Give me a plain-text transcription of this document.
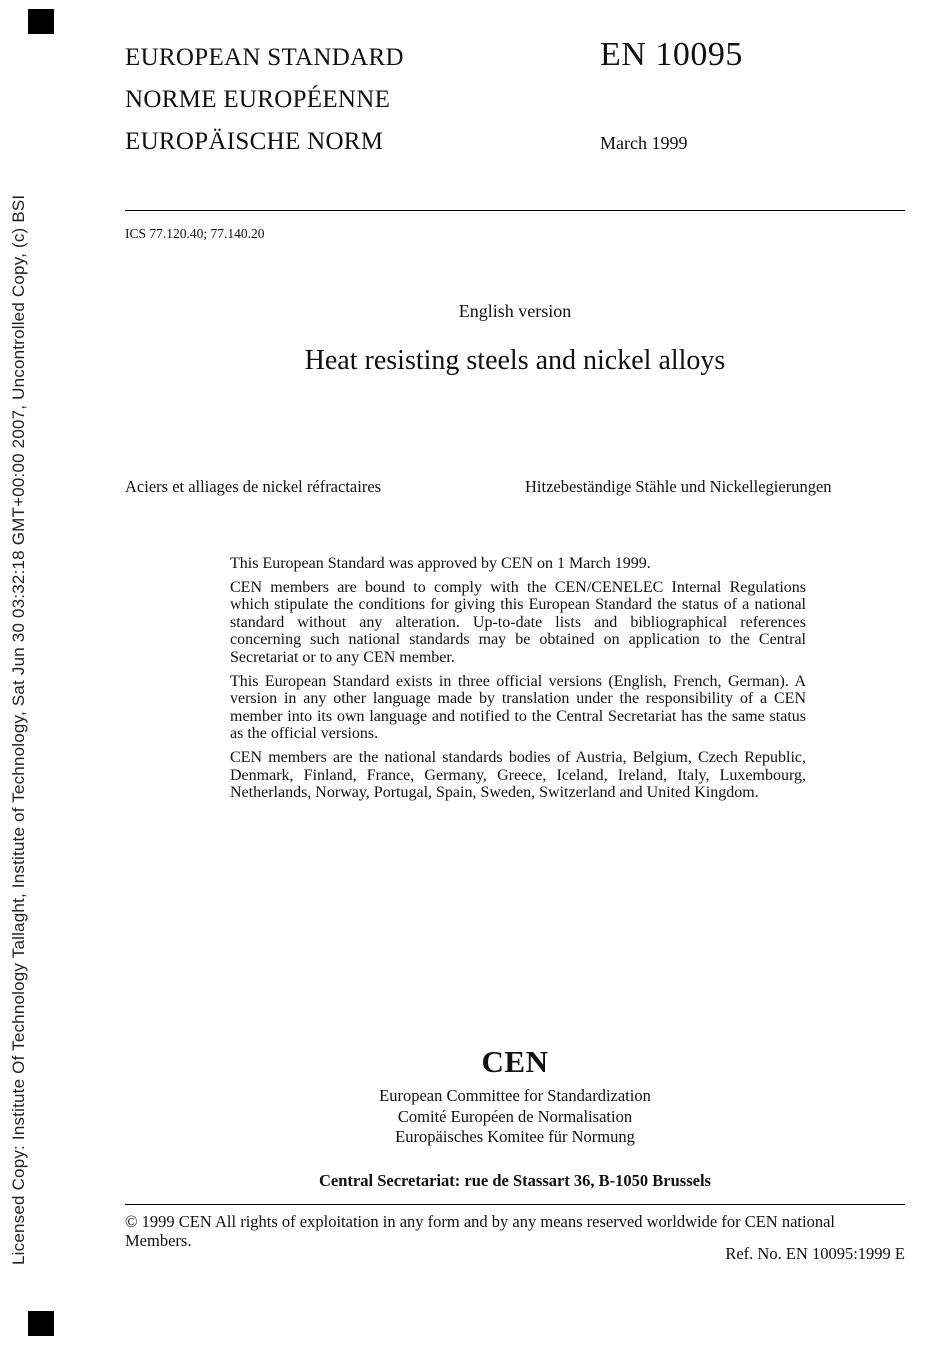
Licensed Copy: Institute Of Technology Tallaght, Institute of Technology, Sat Jun 30 03:32:18 GMT+00:00 2007, Uncontrolled Copy, (c) BSI
EUROPEAN STANDARD
NORME EUROPÉENNE
EUROPÄISCHE NORM
EN 10095
March 1999
ICS 77.120.40; 77.140.20
English version
Heat resisting steels and nickel alloys
Aciers et alliages de nickel réfractaires	Hitzebeständige Stähle und Nickellegierungen

This European Standard was approved by CEN on 1 March 1999.

CEN members are bound to comply with the CEN/CENELEC Internal Regulations which stipulate the conditions for giving this European Standard the status of a national standard without any alteration. Up-to-date lists and bibliographical references concerning such national standards may be obtained on application to the Central Secretariat or to any CEN member.

This European Standard exists in three official versions (English, French, German). A version in any other language made by translation under the responsibility of a CEN member into its own language and notified to the Central Secretariat has the same status as the official versions.

CEN members are the national standards bodies of Austria, Belgium, Czech Republic, Denmark, Finland, France, Germany, Greece, Iceland, Ireland, Italy, Luxembourg, Netherlands, Norway, Portugal, Spain, Sweden, Switzerland and United Kingdom.

CEN
European Committee for Standardization
Comité Européen de Normalisation
Europäisches Komitee für Normung
Central Secretariat: rue de Stassart 36, B-1050 Brussels
© 1999 CEN All rights of exploitation in any form and by any means reserved worldwide for CEN national Members.
Ref. No. EN 10095:1999 E
